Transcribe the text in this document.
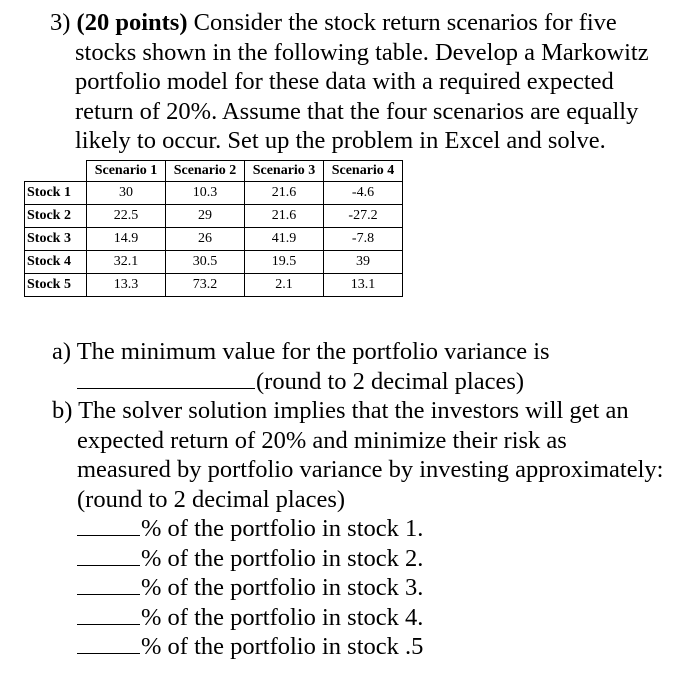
3) (20 points) Consider the stock return scenarios for five
stocks shown in the following table. Develop a Markowitz
portfolio model for these data with a required expected
return of 20%. Assume that the four scenarios are equally
likely to occur. Set up the problem in Excel and solve.
	Scenario 1	Scenario 2	Scenario 3	Scenario 4
Stock 1	30	10.3	21.6	-4.6
Stock 2	22.5	29	21.6	-27.2
Stock 3	14.9	26	41.9	-7.8
Stock 4	32.1	30.5	19.5	39
Stock 5	13.3	73.2	2.1	13.1
a) The minimum value for the portfolio variance is
(round to 2 decimal places)
b) The solver solution implies that the investors will get an
expected return of 20% and minimize their risk as
measured by portfolio variance by investing approximately:
(round to 2 decimal places)
% of the portfolio in stock 1.
% of the portfolio in stock 2.
% of the portfolio in stock 3.
% of the portfolio in stock 4.
% of the portfolio in stock .5
